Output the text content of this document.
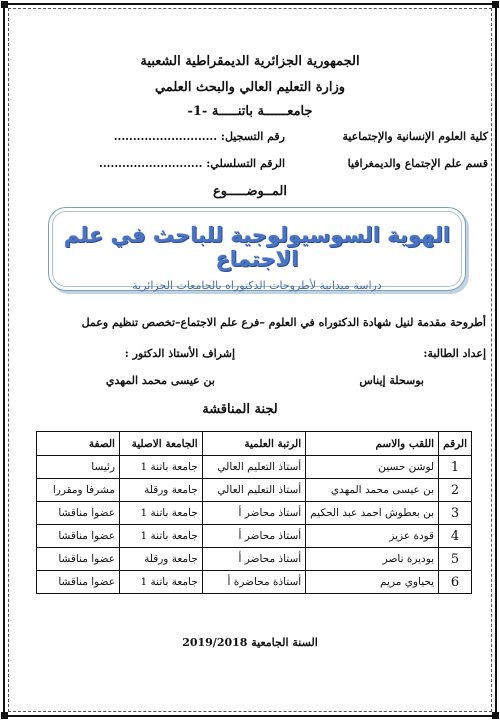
الجمهورية الجزائرية الديمقراطية الشعبية
وزارة التعليم العالي والبحث العلمي
جامعــــــة باتنـــــة -1-
كلية العلوم الإنسانية والإجتماعية
رقم التسجيل: ...........................
قسم علم الإجتماع والديمغرافيا
الرقم التسلسلي: ...........................
المــوضـــــوع
الهوية السوسيولوجية للباحث في علم الاجتماع
دراسة ميدانية لأطروحات الدكتوراه بالجامعات الجزائرية
أطروحة مقدمة لنيل شهادة الدكتوراه في العلوم –فرع علم الاجتماع–تخصص تنظيم وعمل
إعداد الطالبة:
إشراف الأستاذ الدكتور :
بوسحلة إيناس
بن عيسى محمد المهدي
لجنة المناقشة
الرقم	اللقب والاسم	الرتبة العلمية	الجامعة الاصلية	الصفة
1	لوشن حسين	أستاذ التعليم العالي	جامعة باتنة 1	رئيسا
2	بن عيسى محمد المهدي	أستاذ التعليم العالي	جامعة ورقلة	مشرفا ومقررا
3	بن بعطوش احمد عبد الحكيم	أستاذ محاضر أ	جامعة باتنة 1	عضوا مناقشا
4	قودة عزيز	أستاذ محاضر أ	جامعة باتنة 1	عضوا مناقشا
5	بوديرة ناصر	أستاذ محاضر أ	جامعة ورقلة	عضوا مناقشا
6	يحياوي مريم	أستاذة محاضرة أ	جامعة باتنة 1	عضوا مناقشا
السنة الجامعية 2019/2018
